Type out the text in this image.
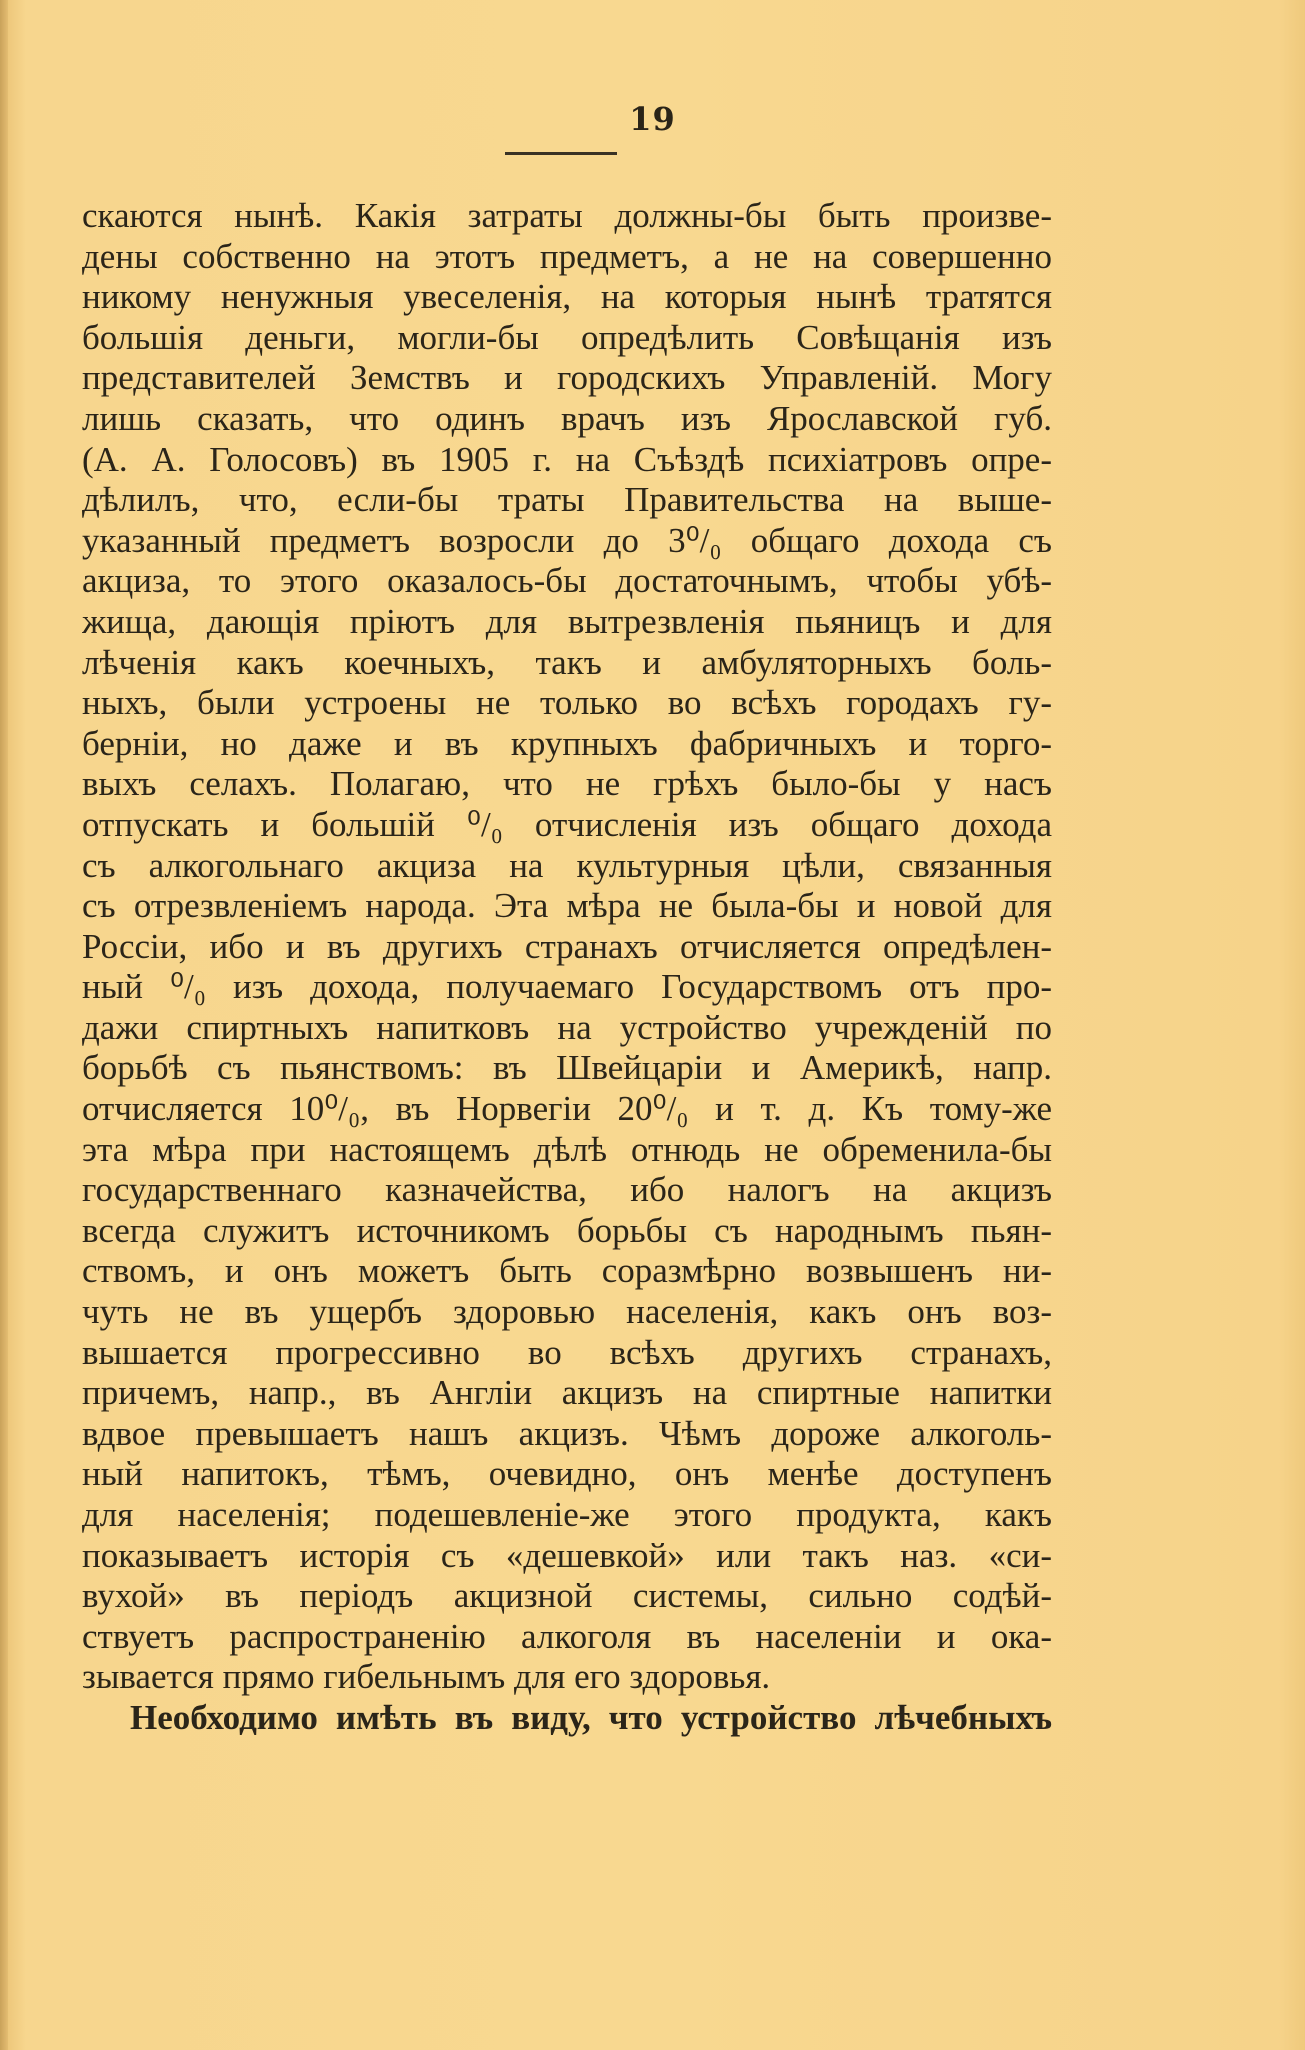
19
скаются нынѣ. Какія затраты должны-бы быть произве-
дены собственно на этотъ предметъ, а не на совершенно
никому ненужныя увеселенія, на которыя нынѣ тратятся
большія деньги, могли-бы опредѣлить Совѣщанія изъ
представителей Земствъ и городскихъ Управленій. Могу
лишь сказать, что одинъ врачъ изъ Ярославской губ.
(А. А. Голосовъ) въ 1905 г. на Съѣздѣ психіатровъ опре-
дѣлилъ, что, если-бы траты Правительства на выше-
указанный предметъ возросли до 3⁰/₀ общаго дохода съ
акциза, то этого оказалось-бы достаточнымъ, чтобы убѣ-
жища, дающія пріютъ для вытрезвленія пьяницъ и для
лѣченія какъ коечныхъ, такъ и амбуляторныхъ боль-
ныхъ, были устроены не только во всѣхъ городахъ гу-
берніи, но даже и въ крупныхъ фабричныхъ и торго-
выхъ селахъ. Полагаю, что не грѣхъ было-бы у насъ
отпускать и большій ⁰/₀ отчисленія изъ общаго дохода
съ алкогольнаго акциза на культурныя цѣли, связанныя
съ отрезвленіемъ народа. Эта мѣра не была-бы и новой для
Россіи, ибо и въ другихъ странахъ отчисляется опредѣлен-
ный ⁰/₀ изъ дохода, получаемаго Государствомъ отъ про-
дажи спиртныхъ напитковъ на устройство учрежденій по
борьбѣ съ пьянствомъ: въ Швейцаріи и Америкѣ, напр.
отчисляется 10⁰/₀, въ Норвегіи 20⁰/₀ и т. д. Къ тому-же
эта мѣра при настоящемъ дѣлѣ отнюдь не обременила-бы
государственнаго казначейства, ибо налогъ на акцизъ
всегда служитъ источникомъ борьбы съ народнымъ пьян-
ствомъ, и онъ можетъ быть соразмѣрно возвышенъ ни-
чуть не въ ущербъ здоровью населенія, какъ онъ воз-
вышается прогрессивно во всѣхъ другихъ странахъ,
причемъ, напр., въ Англіи акцизъ на спиртные напитки
вдвое превышаетъ нашъ акцизъ. Чѣмъ дороже алкоголь-
ный напитокъ, тѣмъ, очевидно, онъ менѣе доступенъ
для населенія; подешевленіе-же этого продукта, какъ
показываетъ исторія съ «дешевкой» или такъ наз. «си-
вухой» въ періодъ акцизной системы, сильно содѣй-
ствуетъ распространенію алкоголя въ населеніи и ока-
зывается прямо гибельнымъ для его здоровья.
Необходимо имѣть въ виду, что устройство лѣчебныхъ
